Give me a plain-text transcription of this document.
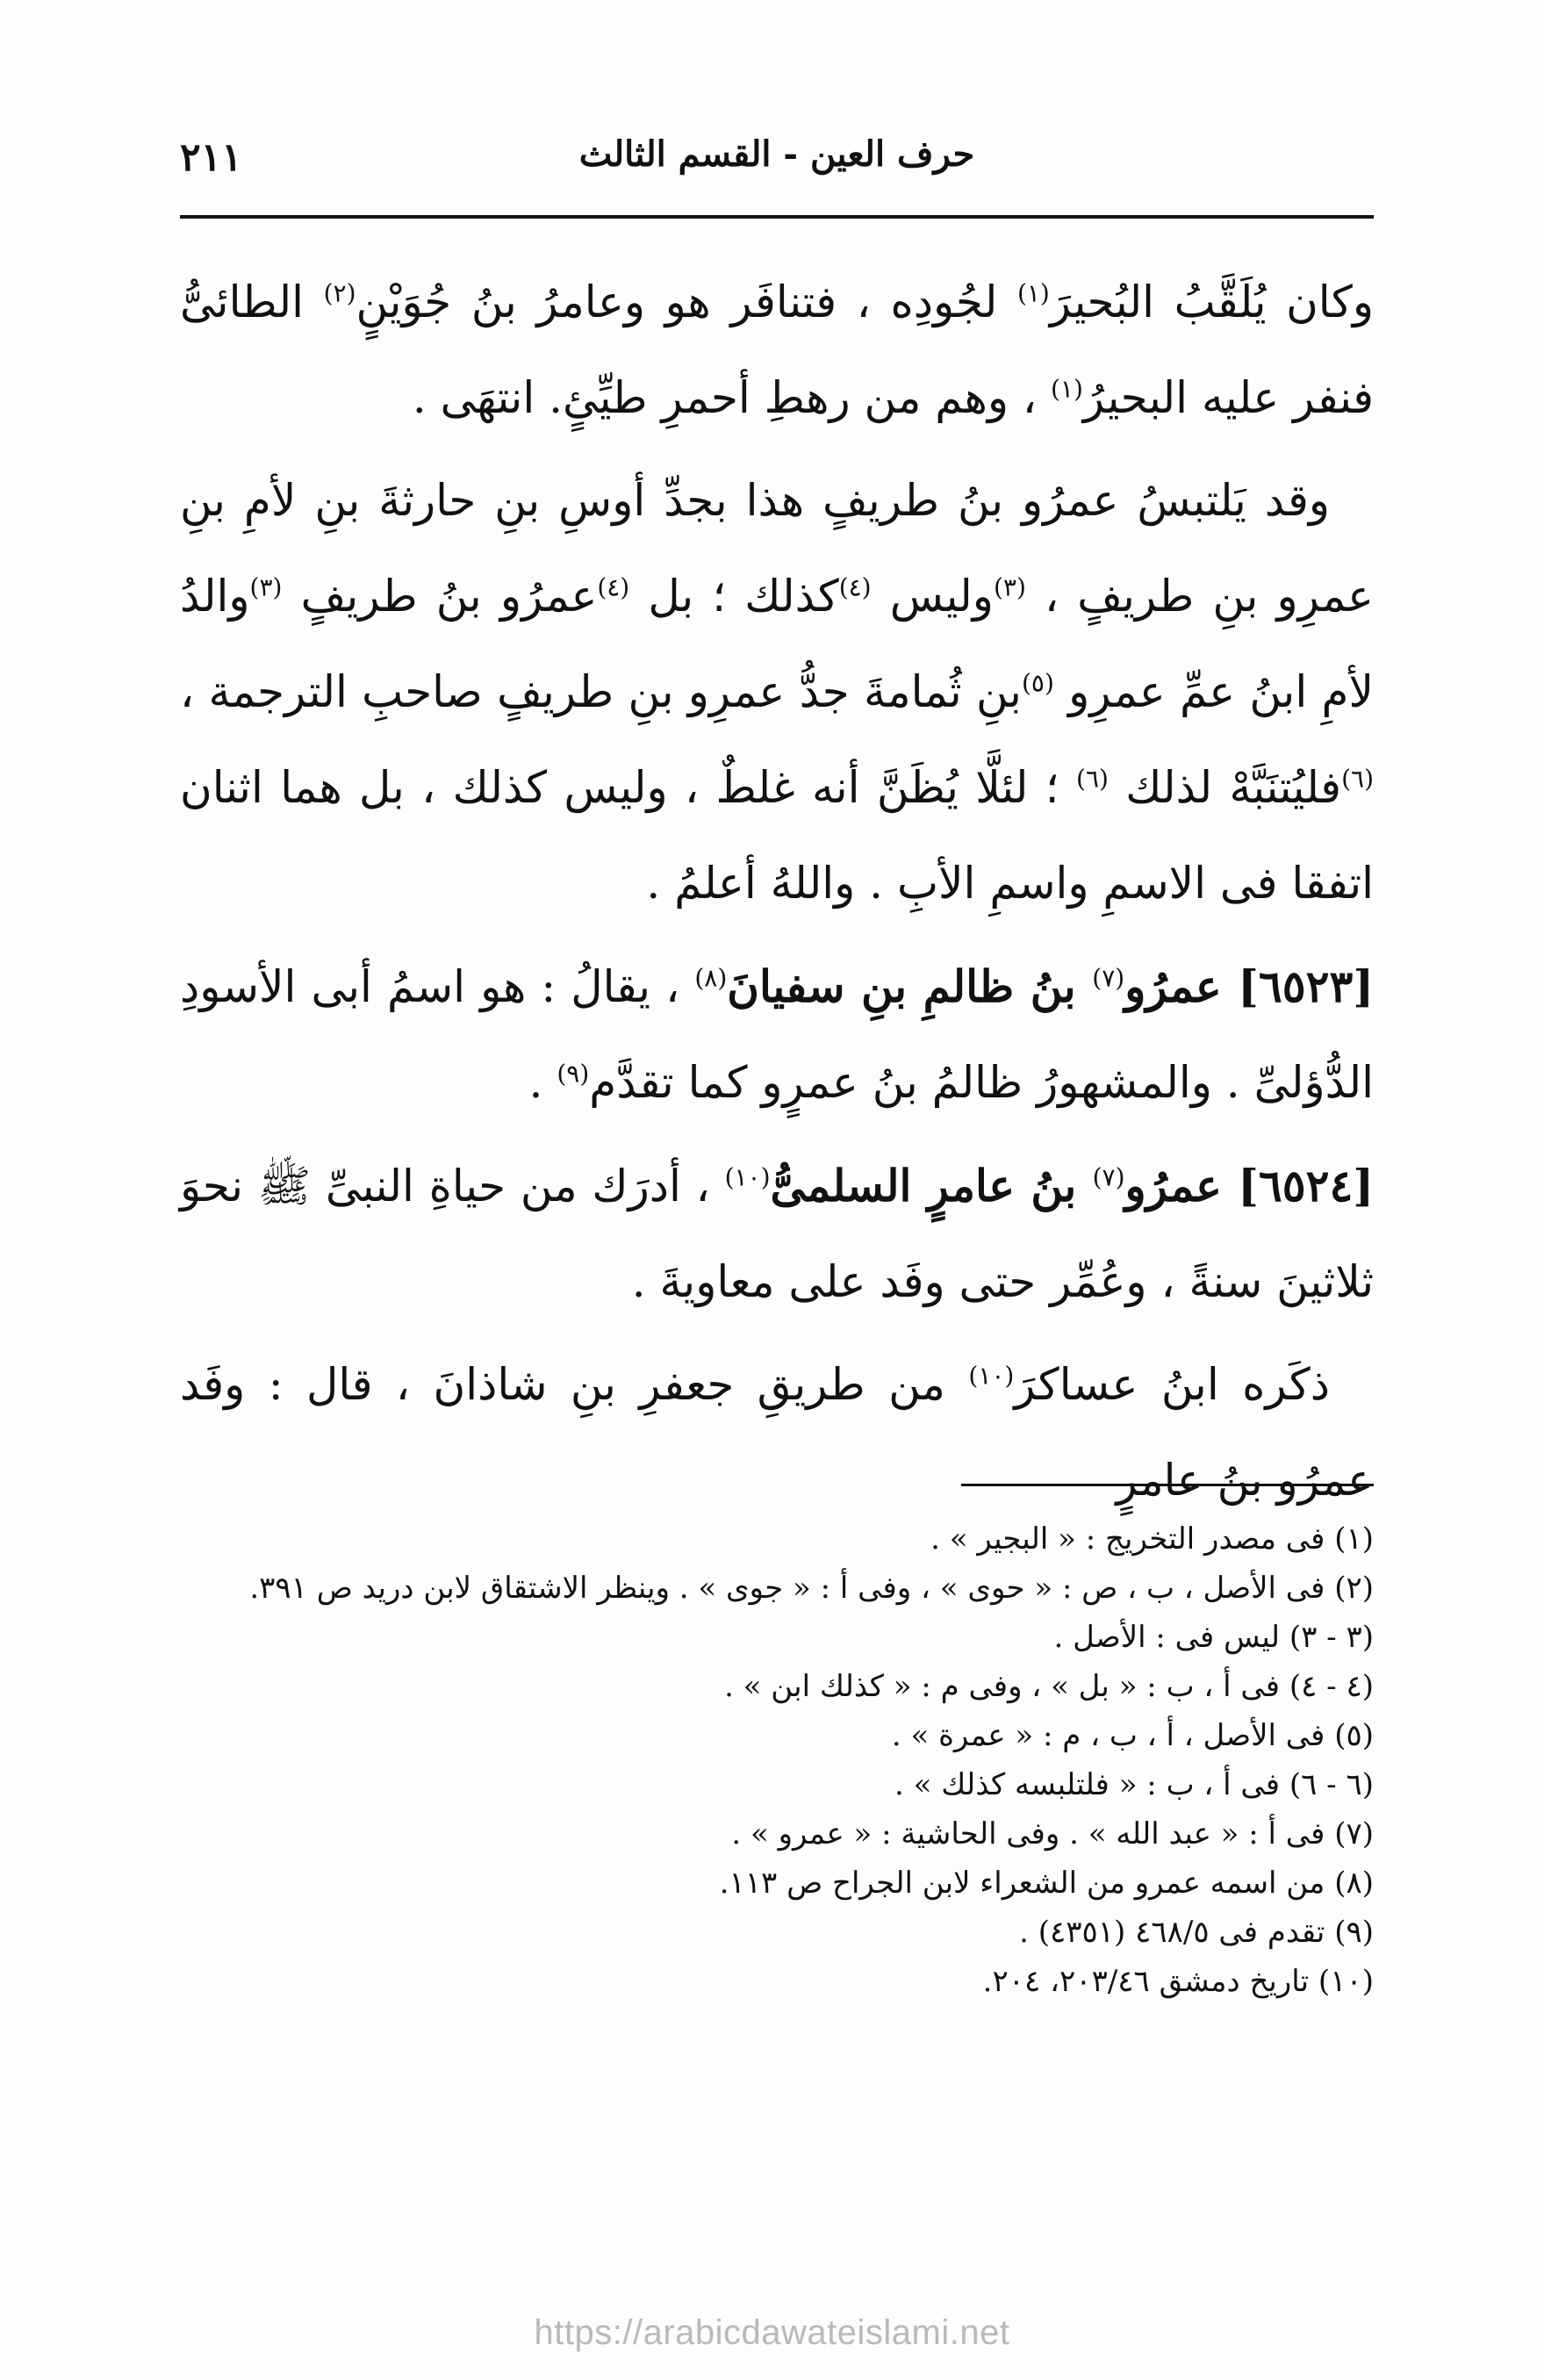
٢١١	حرف العين - القسم الثالث

وكان يُلَقَّبُ البُحيرَ$^{(١)}$ لجُودِه ، فتنافَر هو وعامرُ بنُ جُوَيْنٍ$^{(٢)}$ الطائىُّ فنفر عليه البحيرُ$^{(١)}$ ، وهم من رهطِ أحمرِ طيِّئٍ. انتهَى .

وقد يَلتبسُ عمرُو بنُ طريفٍ هذا بجدِّ أوسِ بنِ حارثةَ بنِ لأمِ بنِ عمرِو بنِ طريفٍ ، $^{(٣)}$وليس $^{(٤)}$كذلك ؛ بل $^{(٤)}$عمرُو بنُ طريفٍ $^{(٣)}$والدُ لأمِ ابنُ عمِّ عمرِو $^{(٥)}$بنِ ثُمامةَ جدُّ عمرِو بنِ طريفٍ صاحبِ الترجمة ، $^{(٦)}$فليُتنَبَّهْ لذلك $^{(٦)}$ ؛ لئلَّا يُظَنَّ أنه غلطٌ ، وليس كذلك ، بل هما اثنان اتفقا فى الاسمِ واسمِ الأبِ . واللهُ أعلمُ .

[٦٥٢٣] عمرُو$^{(٧)}$ بنُ ظالمِ بنِ سفيانَ$^{(٨)}$ ، يقالُ : هو اسمُ أبى الأسودِ الدُّؤلىِّ . والمشهورُ ظالمُ بنُ عمرٍو كما تقدَّم$^{(٩)}$ .

[٦٥٢٤] عمرُو$^{(٧)}$ بنُ عامرٍ السلمىُّ$^{(١٠)}$ ، أدرَك من حياةِ النبىِّ ﷺ نحوَ ثلاثينَ سنةً ، وعُمِّر حتى وفَد على معاويةَ .

ذكَره ابنُ عساكرَ$^{(١٠)}$ من طريقِ جعفرِ بنِ شاذانَ ، قال : وفَد عمرُو بنُ عامرٍ

(١) فى مصدر التخريج : « البجير » .

(٢) فى الأصل ، ب ، ص : « حوى » ، وفى أ : « جوى » . وينظر الاشتقاق لابن دريد ص ٣٩١.

(٣ - ٣) ليس فى : الأصل .

(٤ - ٤) فى أ ، ب : « بل » ، وفى م : « كذلك ابن » .

(٥) فى الأصل ، أ ، ب ، م : « عمرة » .

(٦ - ٦) فى أ ، ب : « فلتلبسه كذلك » .

(٧) فى أ : « عبد الله » . وفى الحاشية : « عمرو » .

(٨) من اسمه عمرو من الشعراء لابن الجراح ص ١١٣.

(٩) تقدم فى ٤٦٨/٥ (٤٣٥١) .

(١٠) تاريخ دمشق ٢٠٣/٤٦، ٢٠٤.

https://arabicdawateislami.net
